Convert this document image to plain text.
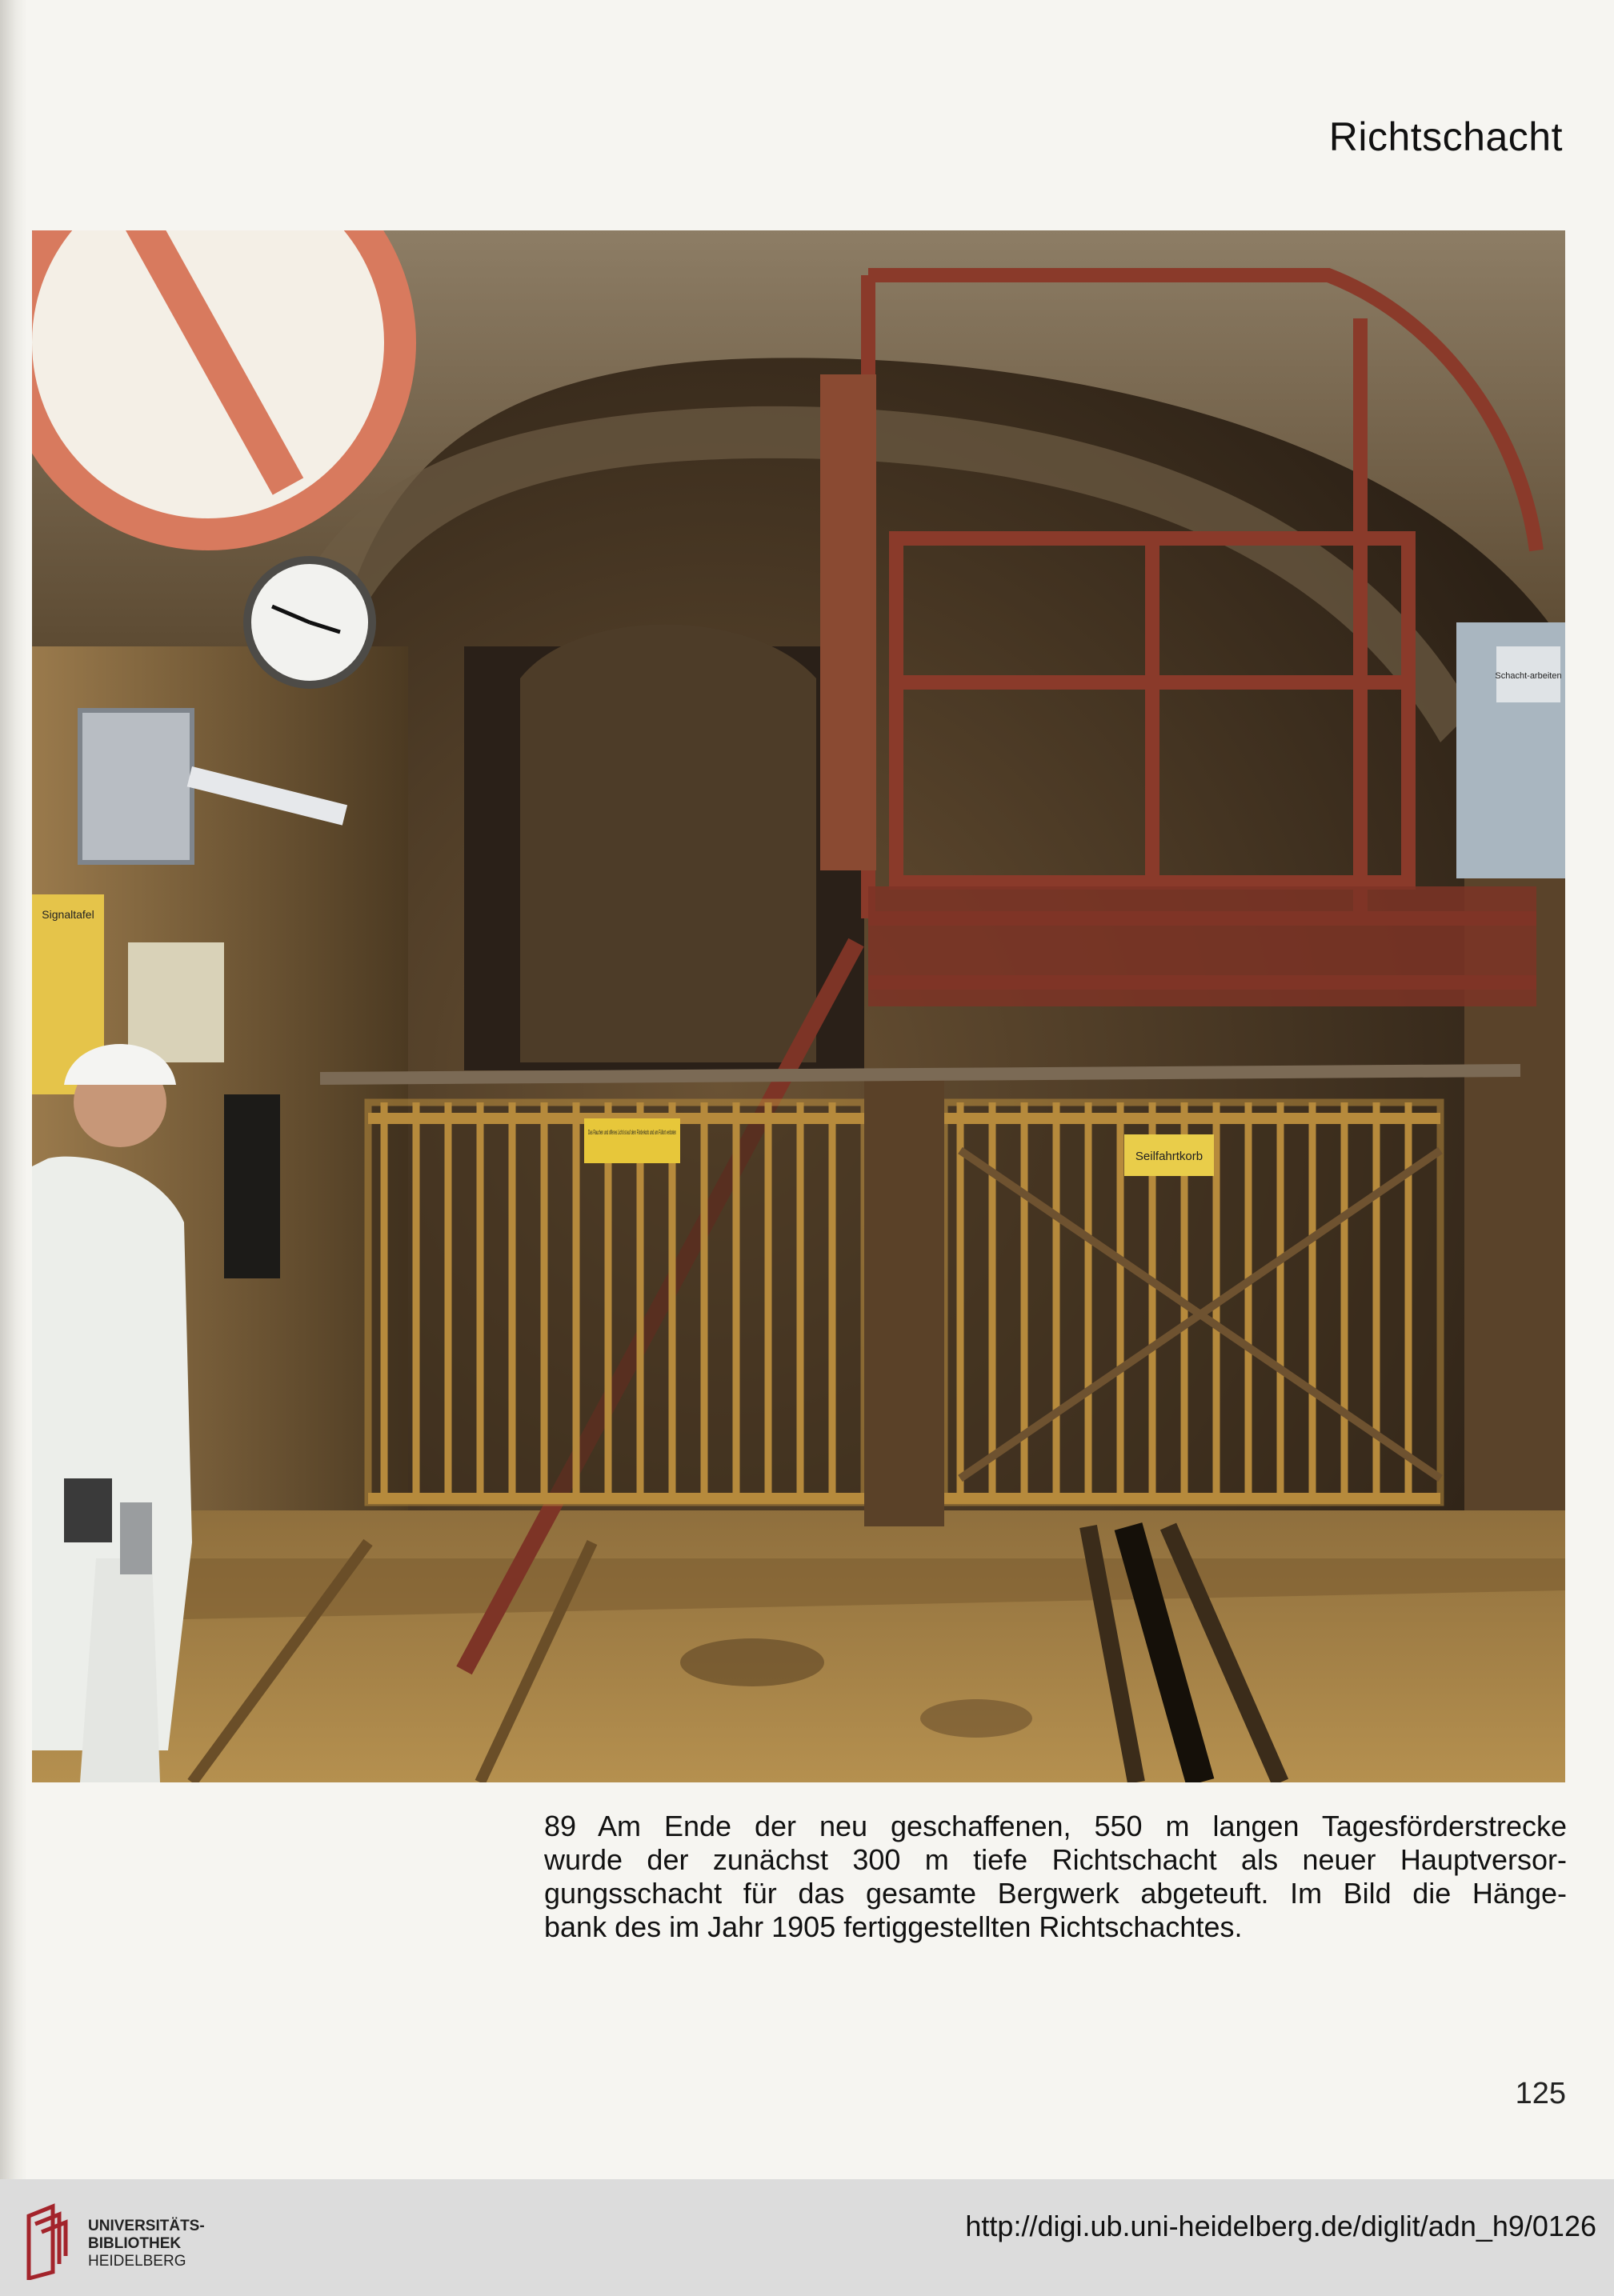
Richtschacht
Das Rauchen und offenes Licht ist auf dem Förderkorb und am Füllort verboten
Seilfahrtkorb
Signaltafel
Schacht-arbeiten
89 Am Ende der neu geschaffenen, 550 m langen Tagesförderstrecke
wurde der zunächst 300 m tiefe Richtschacht als neuer Hauptversor-
gungsschacht für das gesamte Bergwerk abgeteuft. Im Bild die Hänge-
bank des im Jahr 1905 fertiggestellten Richtschachtes.
125
UNIVERSITÄTS-
BIBLIOTHEK
HEIDELBERG
http://digi.ub.uni-heidelberg.de/diglit/adn_h9/0126
